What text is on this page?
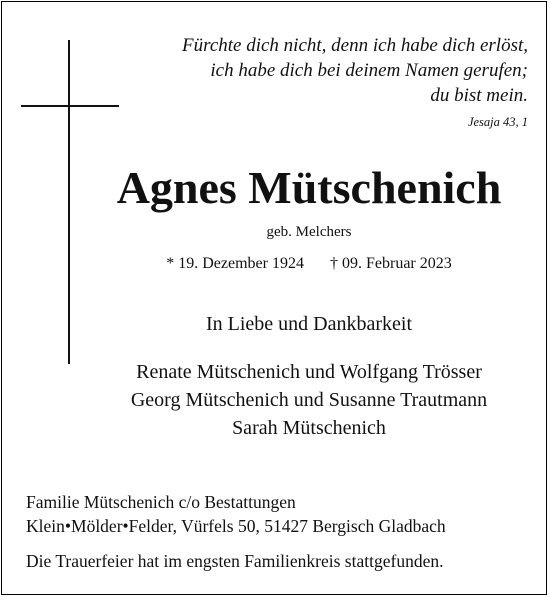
Fürchte dich nicht, denn ich habe dich erlöst,
ich habe dich bei deinem Namen gerufen;
du bist mein.
Jesaja 43, 1
Agnes Mütschenich
geb. Melchers
* 19. Dezember 1924 † 09. Februar 2023
In Liebe und Dankbarkeit
Renate Mütschenich und Wolfgang Trösser
Georg Mütschenich und Susanne Trautmann
Sarah Mütschenich
Familie Mütschenich c/o Bestattungen
Klein•Mölder•Felder, Vürfels 50, 51427 Bergisch Gladbach
Die Trauerfeier hat im engsten Familienkreis stattgefunden.
